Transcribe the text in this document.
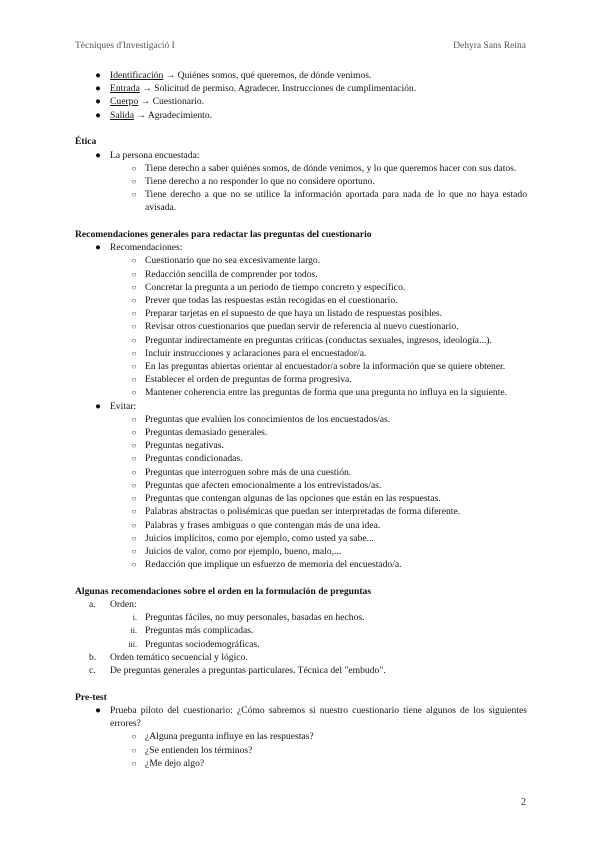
Tècniques d'Investigació I	Dehyra Sans Reina
● Identificación → Quiénes somos, qué queremos, de dónde venimos.
● Entrada → Solicitud de permiso. Agradecer. Instrucciones de cumplimentación.
● Cuerpo → Cuestionario.
● Salida → Agradecimiento.

Ética

● La persona encuestada:
○ Tiene derecho a saber quiénes somos, de dónde venimos, y lo que queremos hacer con sus datos.
○ Tiene derecho a no responder lo que no considere oportuno.
○ Tiene derecho a que no se utilice la información aportada para nada de lo que no haya estado avisada.

Recomendaciones generales para redactar las preguntas del cuestionario

● Recomendaciones:
○ Cuestionario que no sea excesivamente largo.
○ Redacción sencilla de comprender por todos.
○ Concretar la pregunta a un periodo de tiempo concreto y específico.
○ Prever que todas las respuestas están recogidas en el cuestionario.
○ Preparar tarjetas en el supuesto de que haya un listado de respuestas posibles.
○ Revisar otros cuestionarios que puedan servir de referencia al nuevo cuestionario.
○ Preguntar indirectamente en preguntas críticas (conductas sexuales, ingresos, ideología...).
○ Incluir instrucciones y aclaraciones para el encuestador/a.
○ En las preguntas abiertas orientar al encuestador/a sobre la información que se quiere obtener.
○ Establecer el orden de preguntas de forma progresiva.
○ Mantener coherencia entre las preguntas de forma que una pregunta no influya en la siguiente.
● Evitar:
○ Preguntas que evalúen los conocimientos de los encuestados/as.
○ Preguntas demasiado generales.
○ Preguntas negativas.
○ Preguntas condicionadas.
○ Preguntas que interroguen sobre más de una cuestión.
○ Preguntas que afecten emocionalmente a los entrevistados/as.
○ Preguntas que contengan algunas de las opciones que están en las respuestas.
○ Palabras abstractas o polisémicas que puedan ser interpretadas de forma diferente.
○ Palabras y frases ambiguas o que contengan más de una idea.
○ Juicios implícitos, como por ejemplo, como usted ya sabe...
○ Juicios de valor, como por ejemplo, bueno, malo,...
○ Redacción que implique un esfuerzo de memoria del encuestado/a.

Algunas recomendaciones sobre el orden en la formulación de preguntas

a.	Orden:
i. Preguntas fáciles, no muy personales, basadas en hechos.
ii. Preguntas más complicadas.
iii. Preguntas sociodemográficas.
b.	Orden temático secuencial y lógico.
c.	De preguntas generales a preguntas particulares. Técnica del "embudo".

Pre-test

● Prueba piloto del cuestionario: ¿Cómo sabremos si nuestro cuestionario tiene algunos de los siguientes errores?
○ ¿Alguna pregunta influye en las respuestas?
○ ¿Se entienden los términos?
○ ¿Me dejo algo?
2
